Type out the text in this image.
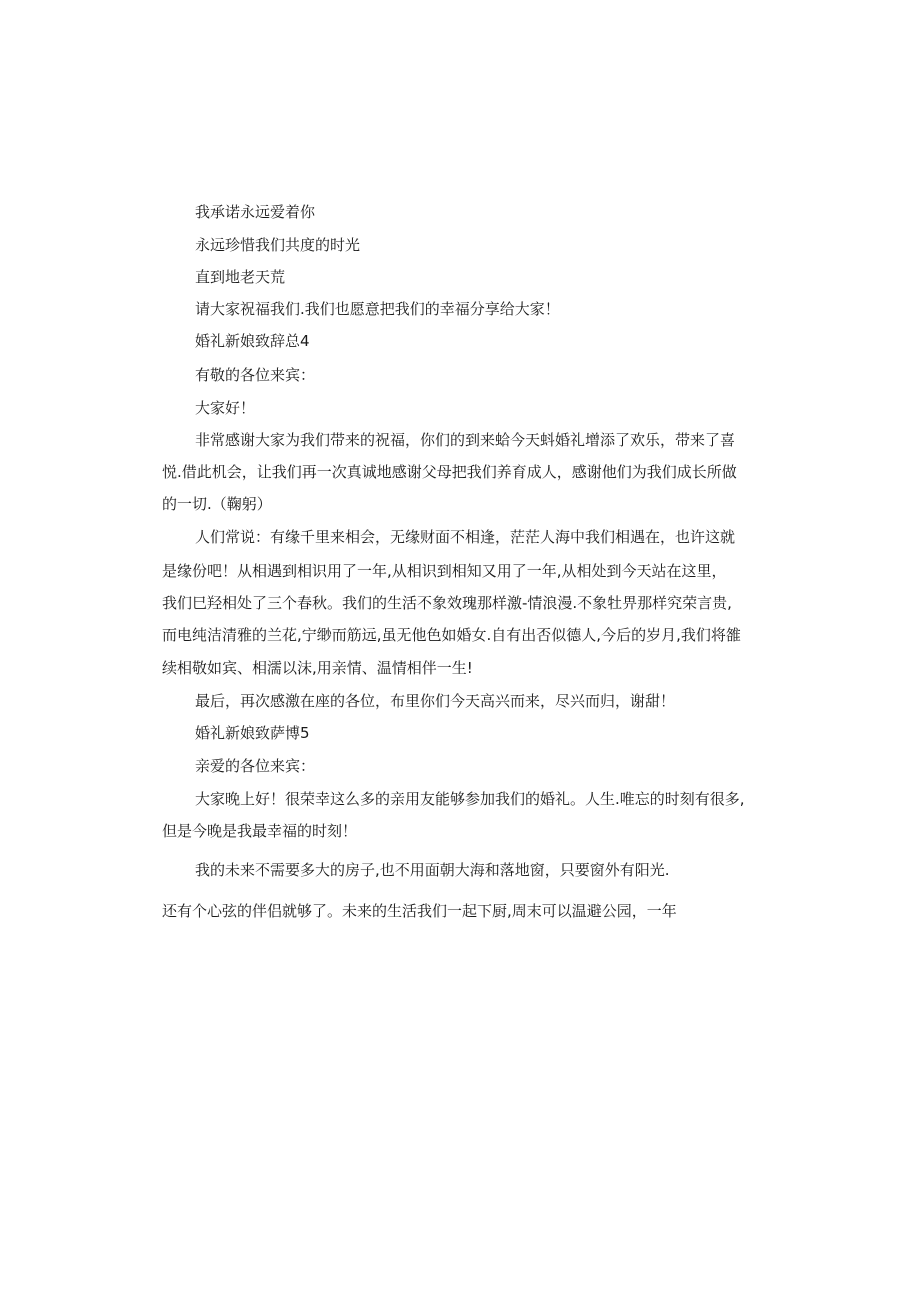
我承诺永远爱着你
永远珍惜我们共度的时光
直到地老天荒
请大家祝福我们.我们也愿意把我们的幸福分享给大家！
婚礼新娘致辞总4
有敬的各位来宾：
大家好！
非常感谢大家为我们带来的祝福，你们的到来蛤今天蚪婚礼增添了欢乐，带来了喜
悦.借此机会，让我们再一次真诚地感谢父母把我们养育成人，感谢他们为我们成长所做
的一切.（鞠躬）
人们常说：有缘千里来相会，无缘财面不相逢，茫茫人海中我们相遇在，也许这就
是缘份吧！从相遇到相识用了一年,从相识到相知又用了一年,从相处到今天站在这里，
我们巳羟相处了三个春秋。我们的生活不象效瑰那样激-情浪漫.不象牡畀那样究荣言贵,
而电纯洁清雅的兰花,宁缈而筋远,虽无他色如婚女.自有出否似德人,今后的岁月,我们将雒
续相敬如宾、相濡以沫,用亲情、温情相伴一生!
最后，再次感激在座的各位，布里你们今天高兴而来，尽兴而归，谢甜！
婚礼新娘致萨博5
亲爱的各位来宾：
大家晚上好！很荣幸这么多的亲用友能够参加我们的婚礼。人生.唯忘的时刻有很多,
但是今晚是我最幸福的时刻！
我的未来不需要多大的房子,也不用面朝大海和落地窗，只要窗外有阳光.
还有个心弦的伴侣就够了。未来的生活我们一起下厨,周末可以温避公园，一年
